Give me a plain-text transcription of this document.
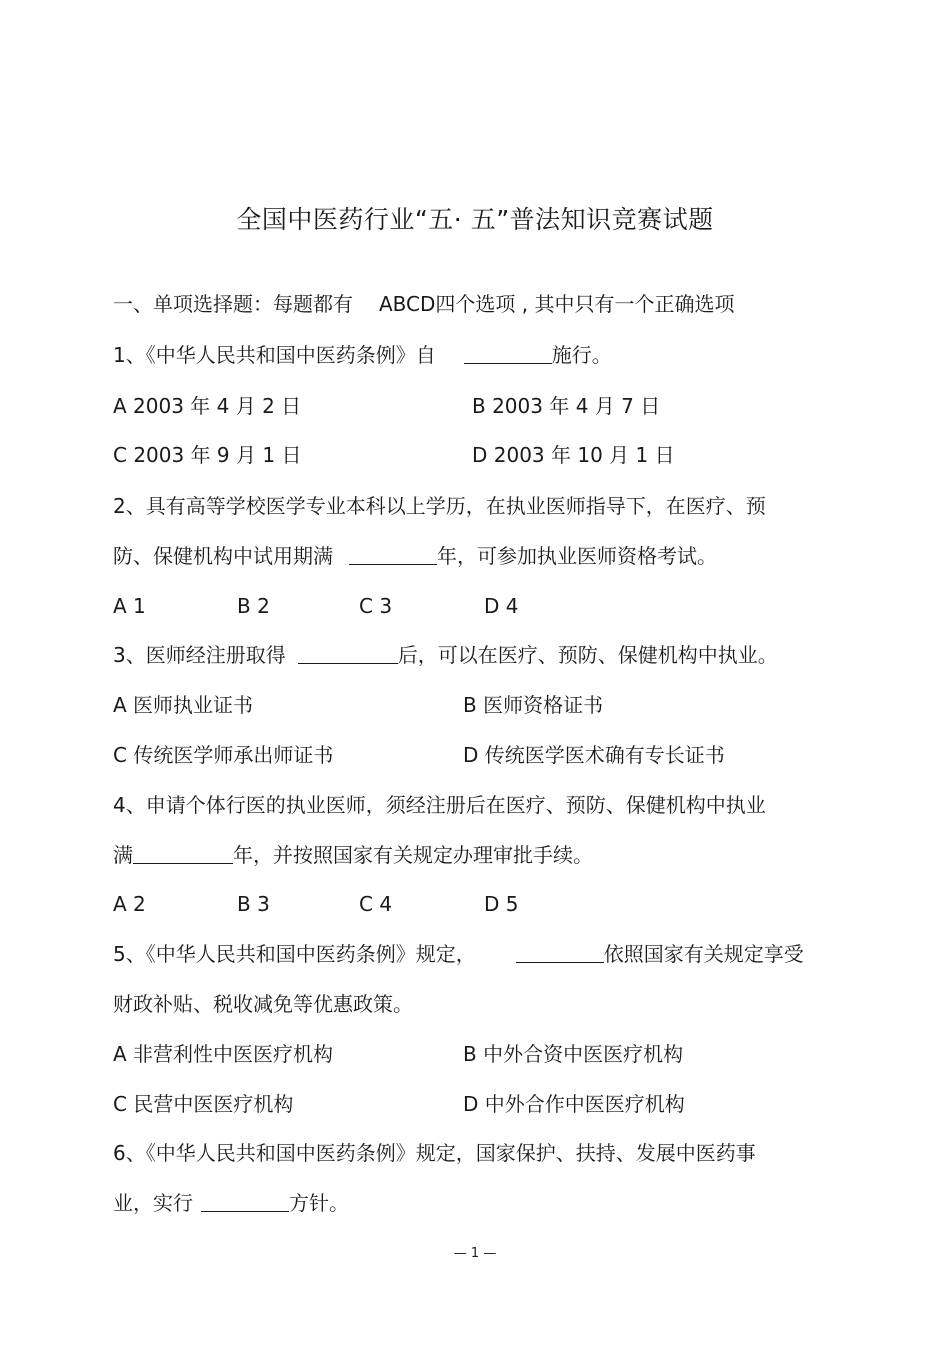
全国中医药行业“五· 五”普法知识竞赛试题
一、单项选择题：每题都有 ABCD四个选项 , 其中只有一个正确选项
1、《中华人民共和国中医药条例》自	施行。
A 2003 年 4 月 2 日	B 2003 年 4 月 7 日
C 2003 年 9 月 1 日	D 2003 年 10 月 1 日
2、具有高等学校医学专业本科以上学历，在执业医师指导下，在医疗、预
防、保健机构中试用期满	年，可参加执业医师资格考试。
A 1	B 2	C 3	D 4
3、医师经注册取得	后，可以在医疗、预防、保健机构中执业。
A 医师执业证书	B 医师资格证书
C 传统医学师承出师证书	D 传统医学医术确有专长证书
4、申请个体行医的执业医师，须经注册后在医疗、预防、保健机构中执业
满	年，并按照国家有关规定办理审批手续。
A 2	B 3	C 4	D 5
5、《中华人民共和国中医药条例》规定，	依照国家有关规定享受
财政补贴、税收减免等优惠政策。
A 非营利性中医医疗机构	B 中外合资中医医疗机构
C 民营中医医疗机构	D 中外合作中医医疗机构
6、《中华人民共和国中医药条例》规定，国家保护、扶持、发展中医药事
业，实行	方针。
— 1 —
